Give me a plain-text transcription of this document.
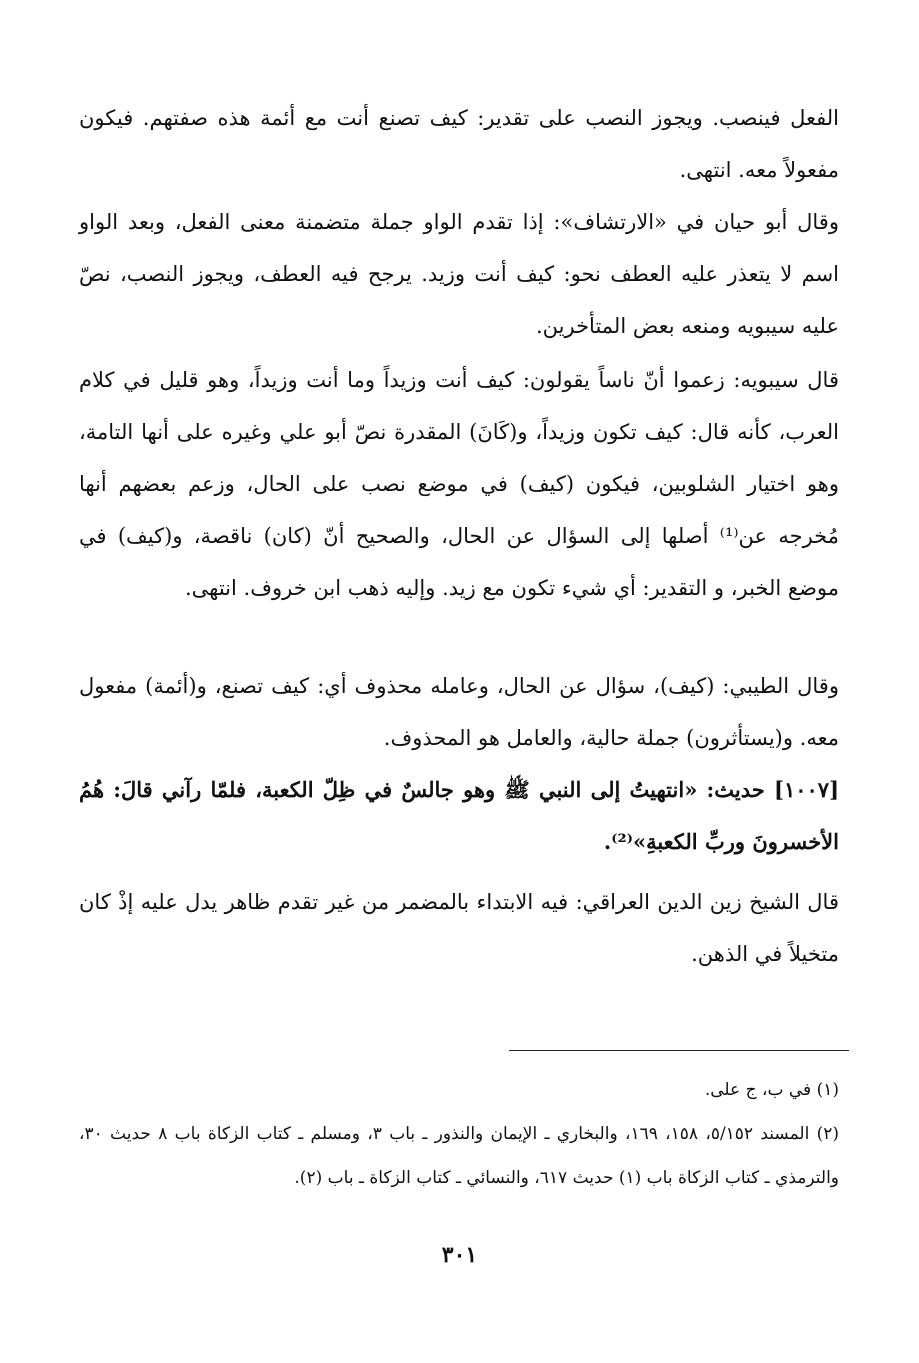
الفعل فينصب. ويجوز النصب على تقدير: كيف تصنع أنت مع أئمة هذه صفتهم. فيكون مفعولاً معه. انتهى.

وقال أبو حيان في «الارتشاف»: إذا تقدم الواو جملة متضمنة معنى الفعل، وبعد الواو اسم لا يتعذر عليه العطف نحو: كيف أنت وزيد. يرجح فيه العطف، ويجوز النصب، نصّ عليه سيبويه ومنعه بعض المتأخرين.

قال سيبويه: زعموا أنّ ناساً يقولون: كيف أنت وزيداً وما أنت وزيداً، وهو قليل في كلام العرب، كأنه قال: كيف تكون وزيداً، و(كَانَ) المقدرة نصّ أبو علي وغيره على أنها التامة، وهو اختيار الشلوبين، فيكون (كيف) في موضع نصب على الحال، وزعم بعضهم أنها مُخرجه عن⁽¹⁾ أصلها إلى السؤال عن الحال، والصحيح أنّ (كان) ناقصة، و(كيف) في موضع الخبر، و التقدير: أي شيء تكون مع زيد. وإليه ذهب ابن خروف. انتهى.

وقال الطيبي: (كيف)، سؤال عن الحال، وعامله محذوف أي: كيف تصنع، و(أئمة) مفعول معه. و(يستأثرون) جملة حالية، والعامل هو المحذوف.

[١٠٠٧] حديث: «انتهيتُ إلى النبي ﷺ وهو جالسٌ في ظِلّ الكعبة، فلمّا رآني قالَ: هُمُ الأخسرونَ وربِّ الكعبةِ»⁽²⁾.

قال الشيخ زين الدين العراقي: فيه الابتداء بالمضمر من غير تقدم ظاهر يدل عليه إذْ كان متخيلاً في الذهن.

(١) في ب، ج على.
(٢) المسند ٥/١٥٢، ١٥٨، ١٦٩، والبخاري ـ الإيمان والنذور ـ باب ٣، ومسلم ـ كتاب الزكاة باب ٨ حديث ٣٠، والترمذي ـ كتاب الزكاة باب (١) حديث ٦١٧، والنسائي ـ كتاب الزكاة ـ باب (٢).
٣٠١
